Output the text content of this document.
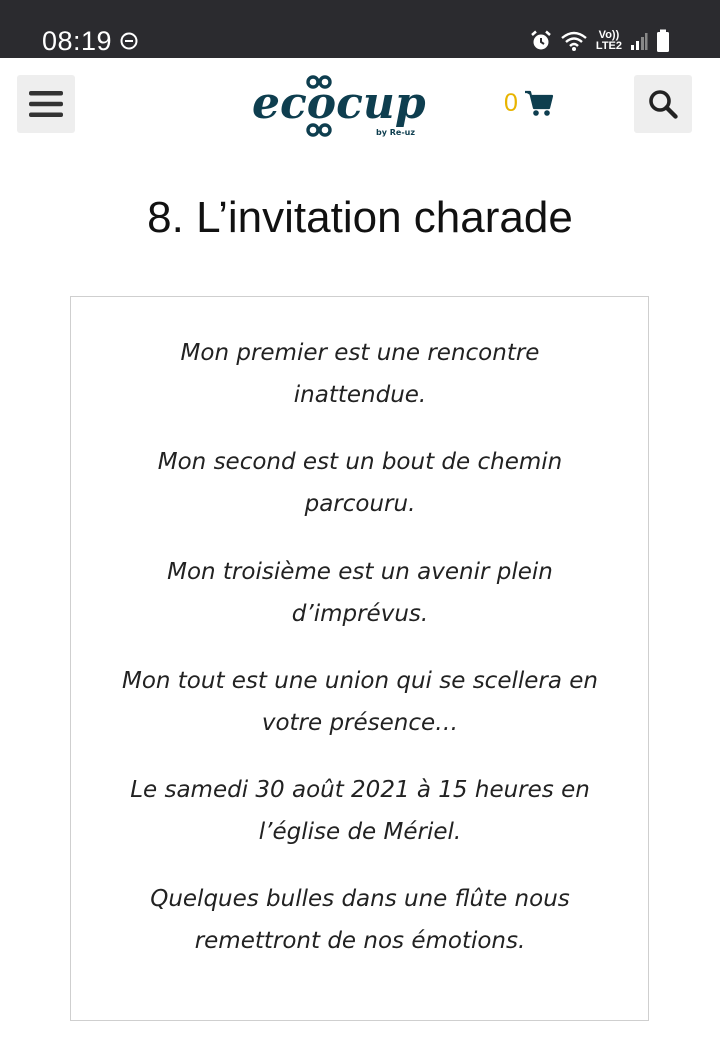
08:19	Vo))
LTE2
ecocup
by Re-uz
0
8. L’invitation charade

Mon premier est une rencontre

inattendue.

Mon second est un bout de chemin

parcouru.

Mon troisième est un avenir plein

d’imprévus.

Mon tout est une union qui se scellera en

votre présence…

Le samedi 30 août 2021 à 15 heures en

l’église de Mériel.

Quelques bulles dans une flûte nous

remettront de nos émotions.
